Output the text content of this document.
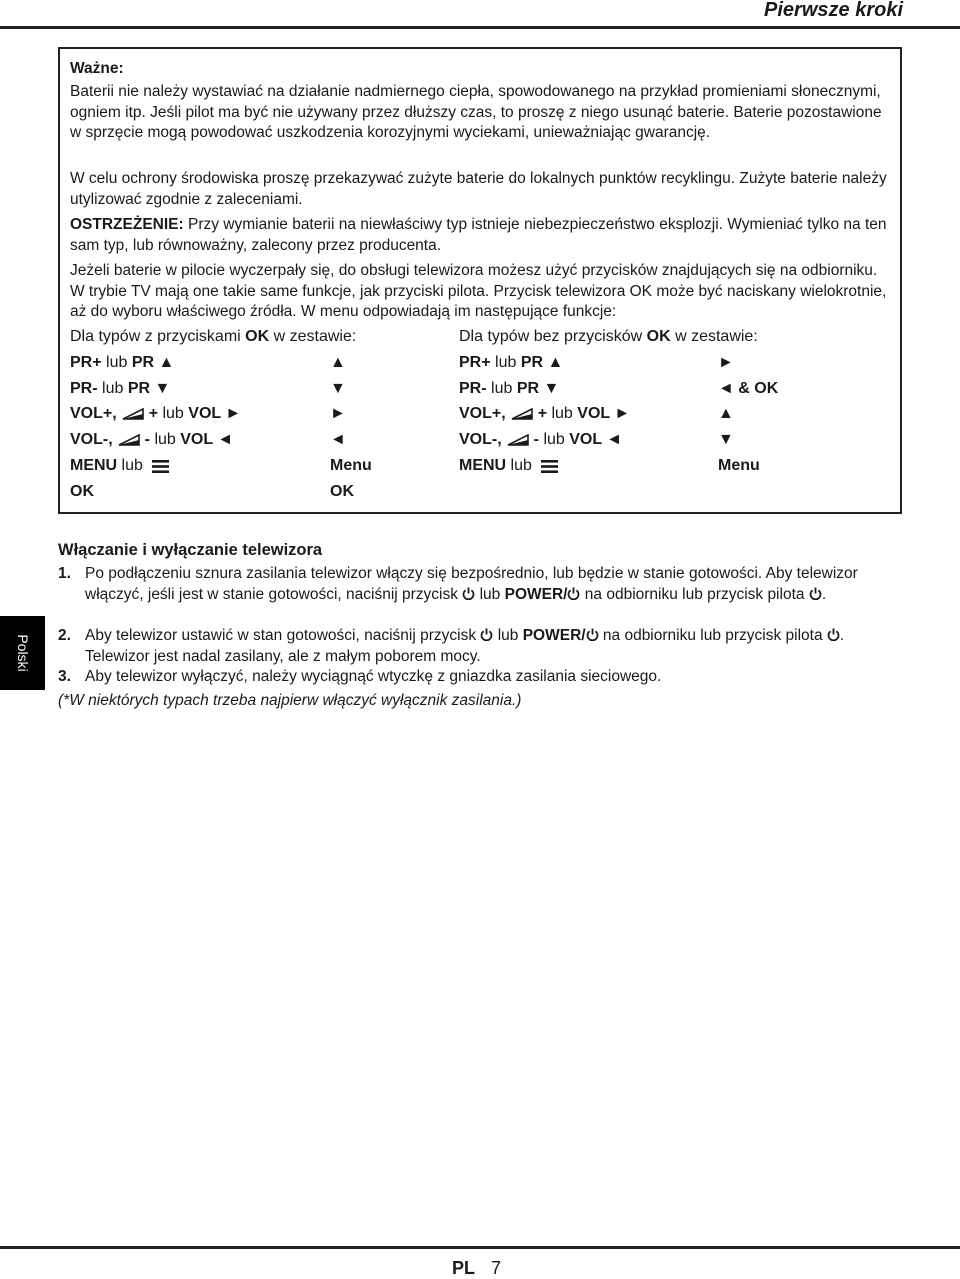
Pierwsze kroki
Ważne:

Baterii nie należy wystawiać na działanie nadmiernego ciepła, spowodowanego na przykład promieniami słonecznymi, ogniem itp. Jeśli pilot ma być nie używany przez dłuższy czas, to proszę z niego usunąć baterie. Baterie pozostawione w sprzęcie mogą powodować uszkodzenia korozyjnymi wyciekami, unieważniając gwarancję.

W celu ochrony środowiska proszę przekazywać zużyte baterie do lokalnych punktów recyklingu. Zużyte baterie należy utylizować zgodnie z zaleceniami.

OSTRZEŻENIE: Przy wymianie baterii na niewłaściwy typ istnieje niebezpieczeństwo eksplozji. Wymieniać tylko na ten sam typ, lub równoważny, zalecony przez producenta.

Jeżeli baterie w pilocie wyczerpały się, do obsługi telewizora możesz użyć przycisków znajdujących się na odbiorniku. W trybie TV mają one takie same funkcje, jak przyciski pilota. Przycisk telewizora OK może być naciskany wielokrotnie, aż do wyboru właściwego źródła. W menu odpowiadają im następujące funkcje:

Dla typów z przyciskami OK w zestawie:
PR+ lub PR ▲	▲
PR- lub PR ▼	▼
VOL+, + lub VOL ►	►
VOL-, - lub VOL ◄	◄
MENU lub	Menu
OK	OK
Dla typów bez przycisków OK w zestawie:
PR+ lub PR ▲	►
PR- lub PR ▼	◄ & OK
VOL+, + lub VOL ►	▲
VOL-, - lub VOL ◄	▼
MENU lub	Menu
Włączanie i wyłączanie telewizora
1. Po podłączeniu sznura zasilania telewizor włączy się bezpośrednio, lub będzie w stanie gotowości. Aby telewizor włączyć, jeśli jest w stanie gotowości, naciśnij przycisk  lub POWER/ na odbiorniku lub przycisk pilota .
2. Aby telewizor ustawić w stan gotowości, naciśnij przycisk  lub POWER/ na odbiorniku lub przycisk pilota . Telewizor jest nadal zasilany, ale z małym poborem mocy.
3. Aby telewizor wyłączyć, należy wyciągnąć wtyczkę z gniazdka zasilania sieciowego.
(*W niektórych typach trzeba najpierw włączyć wyłącznik zasilania.)
Polski
PL 7
